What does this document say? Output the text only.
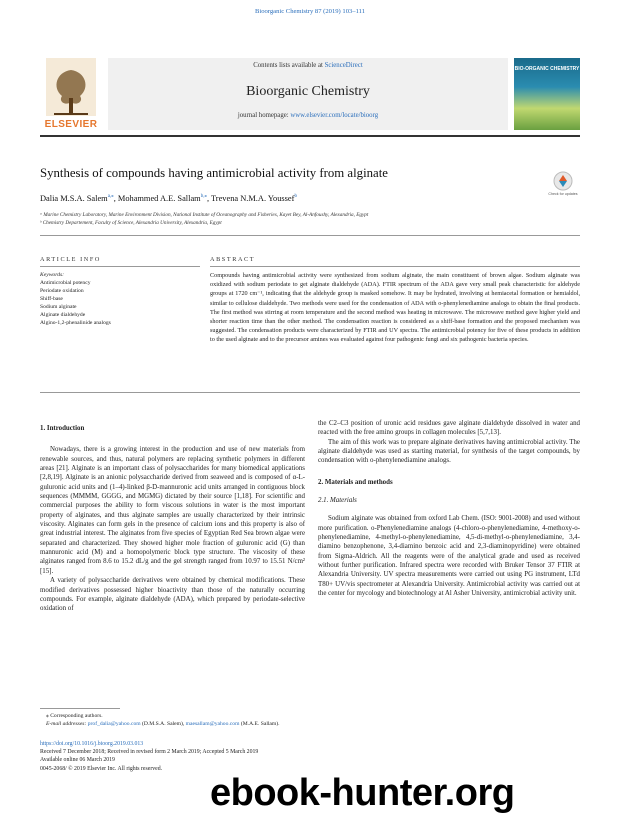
Bioorganic Chemistry 87 (2019) 103–111
ELSEVIER
Contents lists available at ScienceDirect
Bioorganic Chemistry
journal homepage: www.elsevier.com/locate/bioorg
BIO-ORGANIC CHEMISTRY
Synthesis of compounds having antimicrobial activity from alginate
Check for updates
Dalia M.S.A. Salem$^{a,⁎}$, Mohammed A.E. Sallam$^{b,⁎}$, Trevena N.M.A. Youssef$^b$
ᵃ Marine Chemistry Laboratory, Marine Environment Division, National Institute of Oceanography and Fisheries, Kayet Bey, Al-Anfoushy, Alexandria, Egypt
ᵇ Chemistry Departement, Faculty of Science, Alexandria University, Alexandria, Egypt
ARTICLE INFO	ABSTRACT
Keywords:
Antimicrobial potency
Periodate oxidation
Shiff-base
Sodium alginate
Alginate dialdehyde
Algino-1,2-phenalinide analogs
Compounds having antimicrobial activity were synthesized from sodium alginate, the main constituent of brown algae. Sodium alginate was oxidized with sodium periodate to get alginate dialdehyde (ADA). FTIR spectrum of the ADA gave very small peak characteristic for aldehyde groups at 1720 cm⁻¹, indicating that the aldehyde group is masked somehow. It may be hydrated, involving at hemiacetal formation or hemialdol, similar to cellulose dialdehyde. Two methods were used for the condensation of ADA with o-phenylenediamine analogs to obtain the final products. The first method was stirring at room temperature and the second method was heating in microwave. The microwave method gave higher yield and shorter reaction time than the other method. The condensation reaction is considered as a shiff-base formation and the proposed mechanism was suggested. The condensation products were characterized by FTIR and UV spectra. The antimicrobial potency for five of these products in addition to the used alginate and to the precursor amines was evaluated against four pathogenic fungi and six pathogenic bacteria species.
1. Introduction

Nowadays, there is a growing interest in the production and use of new materials from renewable sources, and thus, natural polymers are replacing synthetic polymers in different areas [21]. Alginate is an important class of polysaccharides for many biomedical applications [2,8,19]. Alginate is an anionic polysaccharide derived from seaweed and is composed of α-L-guluronic acid units and (1–4)-linked β-D-mannuronic acid units arranged in contiguous block sequences (MMMM, GGGG, and MGMG) dictated by their source [1,18]. For scientific and commercial purposes the ability to form viscous solutions in water is the most important property of alginates, and thus alginate samples are usually characterized by their intrinsic viscosity. Alginates can form gels in the presence of calcium ions and this property is also of great industrial interest. The alginates from five species of Egyptian Red Sea brown algae were separated and characterized. They showed higher mole fraction of guluronic acid (G) than mannuronic acid (M) and a homopolymeric block type structure. The viscosity of these alginates ranged from 8.6 to 15.2 dL/g and the gel strength ranged from 10.97 to 15.51 N/cm² [15].

A variety of polysaccharide derivatives were obtained by chemical modifications. These modified derivatives possessed higher bioactivity than those of the naturally occurring compounds. For example, alginate dialdehyde (ADA), which prepared by periodate-selective oxidation of

the C2–C3 position of uronic acid residues gave alginate dialdehyde dissolved in water and reacted with the free amino groups in collagen molecules [5,7,13].

The aim of this work was to prepare alginate derivatives having antimicrobial activity. The alginate dialdehyde was used as starting material, for synthesis of the target compounds, by condensation with o-phenylenediamine analogs.

2. Materials and methods
2.1. Materials

Sodium alginate was obtained from oxford Lab Chem. (ISO: 9001-2008) and used without more purification. o-Phenylenediamine analogs (4-chloro-o-phenylenediamine, 4-methoxy-o-phenylenediamine, 4-methyl-o-phenylenediamine, 4,5-di-methyl-o-phenylenediamine, 3,4-diamino benzophenone, 3,4-diamino benzoic acid and 2,3-diaminopyridine) were obtained from Sigma-Aldrich. All the reagents were of the analytical grade and used as received without further purification. Infrared spectra were recorded with Bruker Tensor 37 FTIR at Alexandria University. UV spectra measurements were carried out using PG instrument, LTd T80+ UV/vis spectrometer at Alexandria University. Antimicrobial activity was carried out at the center for mycology and biotechnology at Al Asher University, antimicrobial activity unit.

⁎ Corresponding authors.
E-mail addresses: prof_dalia@yahoo.com (D.M.S.A. Salem), maesallam@yahoo.com (M.A.E. Sallam).
https://doi.org/10.1016/j.bioorg.2019.03.013
Received 7 December 2018; Received in revised form 2 March 2019; Accepted 5 March 2019
Available online 06 March 2019
0045-2068/ © 2019 Elsevier Inc. All rights reserved.
ebook-hunter.org
